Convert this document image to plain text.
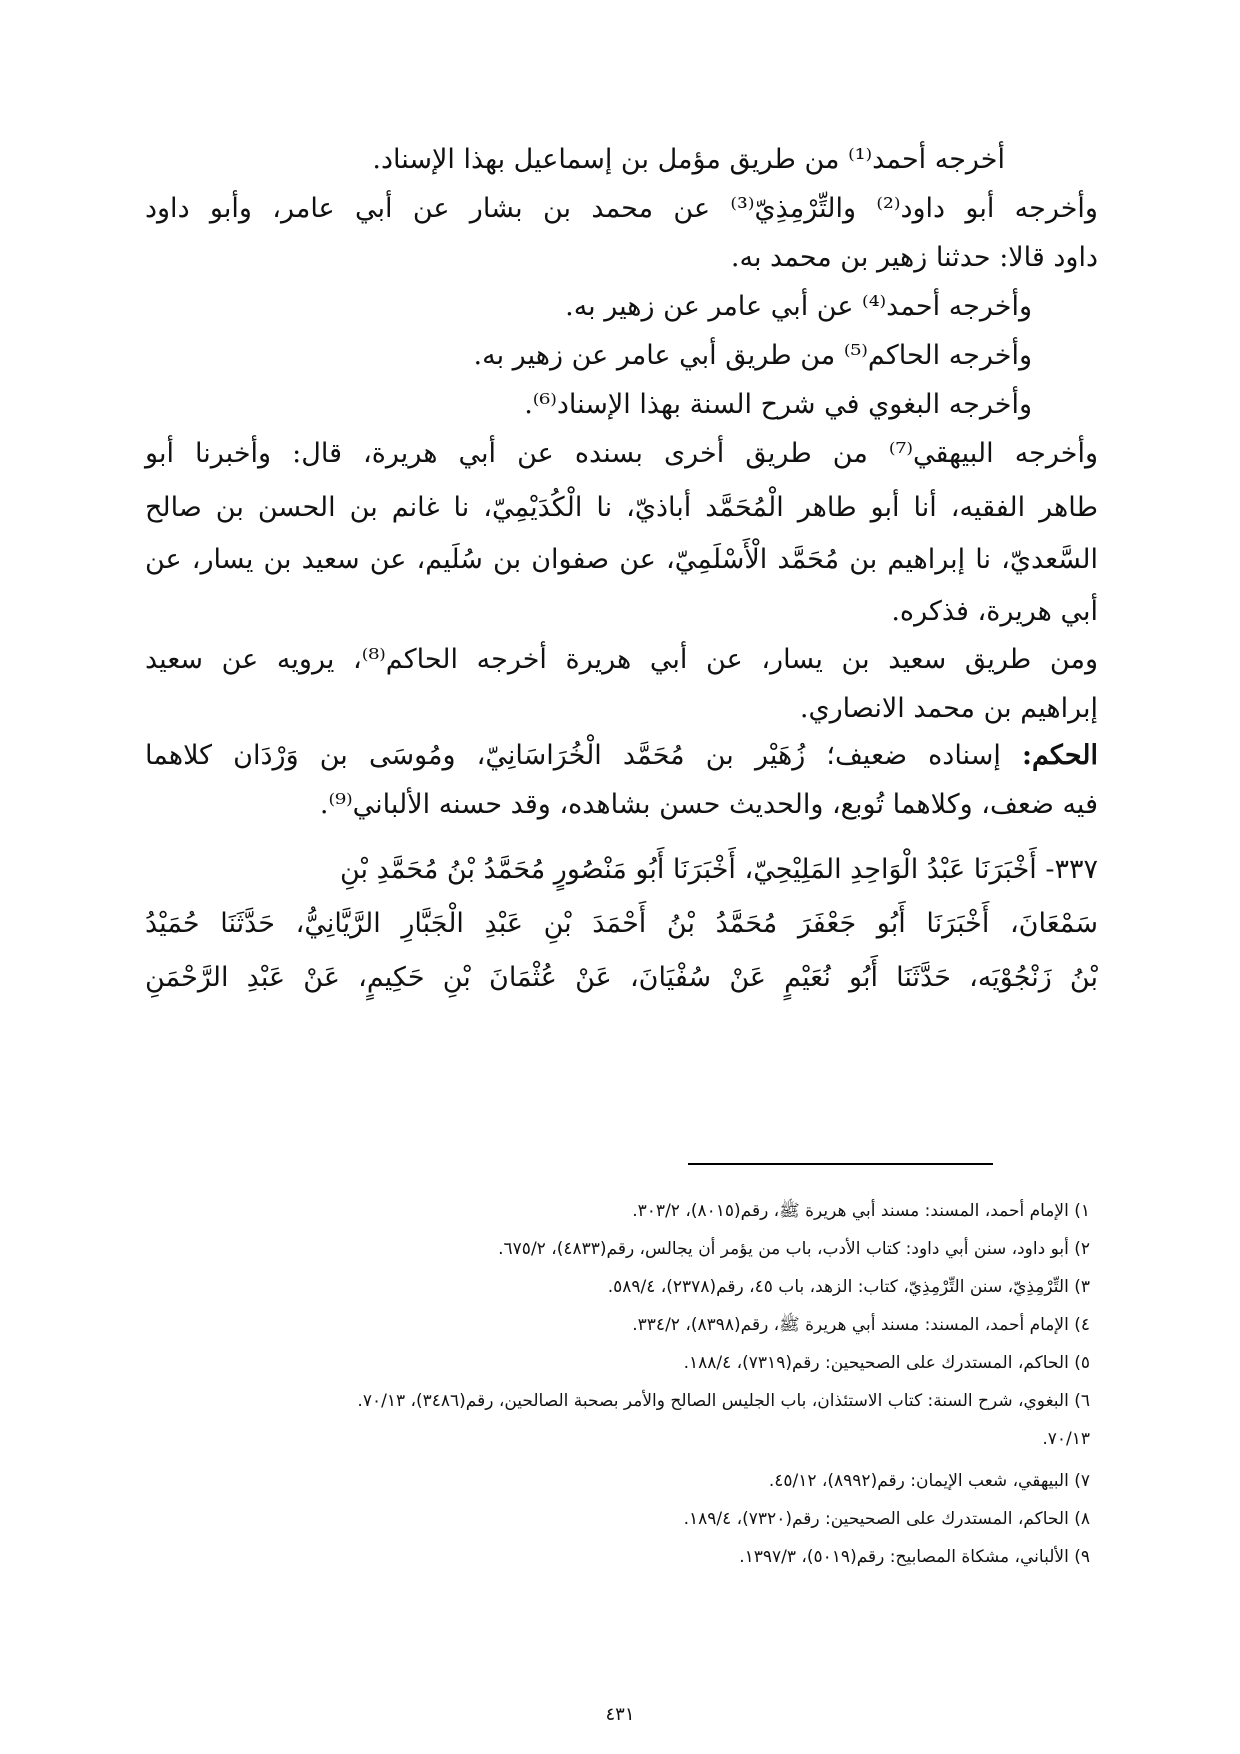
أخرجه أحمد⁽¹⁾ من طريق مؤمل بن إسماعيل بهذا الإسناد.
وأخرجه أبو داود⁽²⁾ والتِّرْمِذِيّ⁽³⁾ عن محمد بن بشار عن أبي عامر، وأبو داود
داود قالا: حدثنا زهير بن محمد به.
وأخرجه أحمد⁽⁴⁾ عن أبي عامر عن زهير به.
وأخرجه الحاكم⁽⁵⁾ من طريق أبي عامر عن زهير به.
وأخرجه البغوي في شرح السنة بهذا الإسناد⁽⁶⁾.
وأخرجه البيهقي⁽⁷⁾ من طريق أخرى بسنده عن أبي هريرة، قال: وأخبرنا أبو
طاهر الفقيه، أنا أبو طاهر الْمُحَمَّد أباذيّ، نا الْكُدَيْمِيّ، نا غانم بن الحسن بن صالح
السَّعديّ، نا إبراهيم بن مُحَمَّد الْأَسْلَمِيّ، عن صفوان بن سُلَيم، عن سعيد بن يسار، عن
أبي هريرة، فذكره.
ومن طريق سعيد بن يسار، عن أبي هريرة أخرجه الحاكم⁽⁸⁾، يرويه عن سعيد
إبراهيم بن محمد الانصاري.
الحكم: إسناده ضعيف؛ زُهَيْر بن مُحَمَّد الْخُرَاسَانِيّ، ومُوسَى بن وَرْدَان كلاهما
فيه ضعف، وكلاهما تُوبع، والحديث حسن بشاهده، وقد حسنه الألباني⁽⁹⁾.
٣٣٧- أَخْبَرَنَا عَبْدُ الْوَاحِدِ المَلِيْحِيّ، أَخْبَرَنَا أَبُو مَنْصُورٍ مُحَمَّدُ بْنُ مُحَمَّدِ بْنِ
سَمْعَانَ، أَخْبَرَنَا أَبُو جَعْفَرَ مُحَمَّدُ بْنُ أَحْمَدَ بْنِ عَبْدِ الْجَبَّارِ الرَّيَّانِيُّ، حَدَّثَنَا حُمَيْدُ
بْنُ زَنْجُوْيَه، حَدَّثَنَا أَبُو نُعَيْمٍ عَنْ سُفْيَانَ، عَنْ عُثْمَانَ بْنِ حَكِيمٍ، عَنْ عَبْدِ الرَّحْمَنِ
١) الإمام أحمد، المسند: مسند أبي هريرة ﷺ، رقم(٨٠١٥)، ٣٠٣/٢.
٢) أبو داود، سنن أبي داود: كتاب الأدب، باب من يؤمر أن يجالس، رقم(٤٨٣٣)، ٦٧٥/٢.
٣) التِّرْمِذِيّ، سنن التِّرْمِذِيّ، كتاب: الزهد، باب ٤٥، رقم(٢٣٧٨)، ٥٨٩/٤.
٤) الإمام أحمد، المسند: مسند أبي هريرة ﷺ، رقم(٨٣٩٨)، ٣٣٤/٢.
٥) الحاكم، المستدرك على الصحيحين: رقم(٧٣١٩)، ١٨٨/٤.
٦) البغوي، شرح السنة: كتاب الاستئذان، باب الجليس الصالح والأمر بصحبة الصالحين، رقم(٣٤٨٦)، ٧٠/١٣.
٧٠/١٣.
٧) البيهقي، شعب الإيمان: رقم(٨٩٩٢)، ٤٥/١٢.
٨) الحاكم، المستدرك على الصحيحين: رقم(٧٣٢٠)، ١٨٩/٤.
٩) الألباني، مشكاة المصابيح: رقم(٥٠١٩)، ١٣٩٧/٣.
٤٣١
